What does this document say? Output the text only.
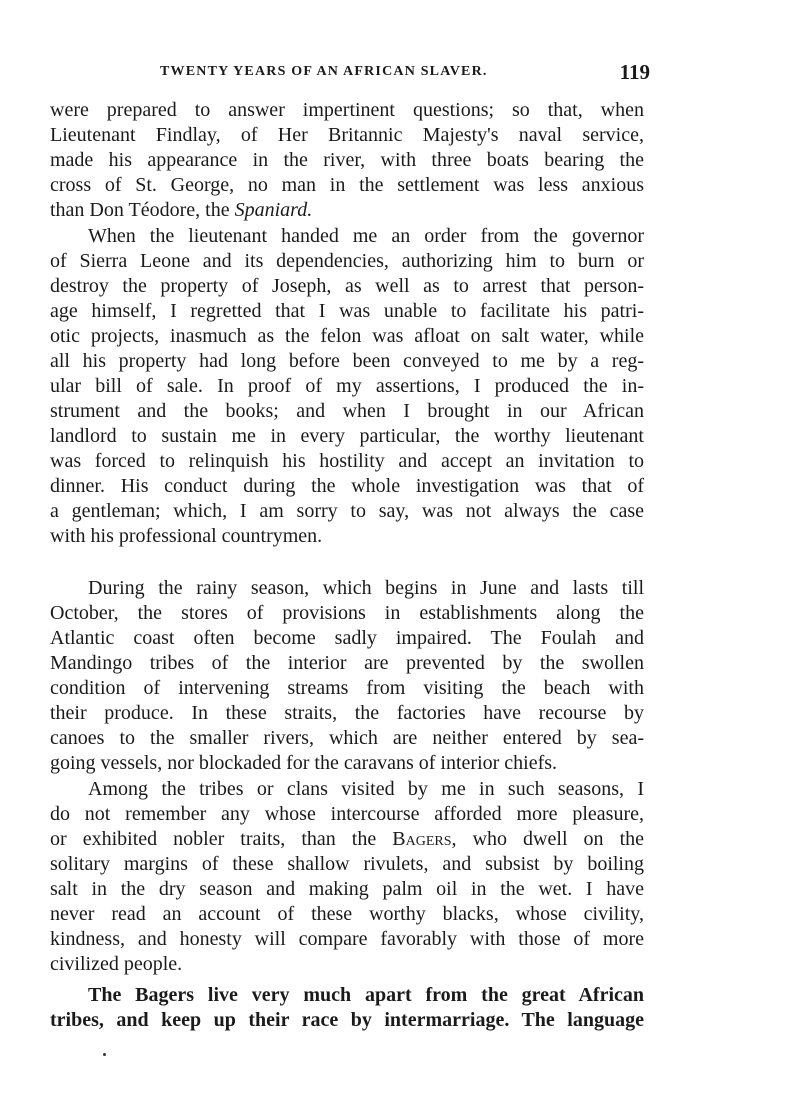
TWENTY YEARS OF AN AFRICAN SLAVER.	119
were prepared to answer impertinent questions; so that, when
Lieutenant Findlay, of Her Britannic Majesty's naval service,
made his appearance in the river, with three boats bearing the
cross of St. George, no man in the settlement was less anxious
than Don Téodore, the Spaniard.
When the lieutenant handed me an order from the governor
of Sierra Leone and its dependencies, authorizing him to burn or
destroy the property of Joseph, as well as to arrest that person-
age himself, I regretted that I was unable to facilitate his patri-
otic projects, inasmuch as the felon was afloat on salt water, while
all his property had long before been conveyed to me by a reg-
ular bill of sale. In proof of my assertions, I produced the in-
strument and the books; and when I brought in our African
landlord to sustain me in every particular, the worthy lieutenant
was forced to relinquish his hostility and accept an invitation to
dinner. His conduct during the whole investigation was that of
a gentleman; which, I am sorry to say, was not always the case
with his professional countrymen.
During the rainy season, which begins in June and lasts till
October, the stores of provisions in establishments along the
Atlantic coast often become sadly impaired. The Foulah and
Mandingo tribes of the interior are prevented by the swollen
condition of intervening streams from visiting the beach with
their produce. In these straits, the factories have recourse by
canoes to the smaller rivers, which are neither entered by sea-
going vessels, nor blockaded for the caravans of interior chiefs.
Among the tribes or clans visited by me in such seasons, I
do not remember any whose intercourse afforded more pleasure,
or exhibited nobler traits, than the Bagers, who dwell on the
solitary margins of these shallow rivulets, and subsist by boiling
salt in the dry season and making palm oil in the wet. I have
never read an account of these worthy blacks, whose civility,
kindness, and honesty will compare favorably with those of more
civilized people.
The Bagers live very much apart from the great African
tribes, and keep up their race by intermarriage. The language
